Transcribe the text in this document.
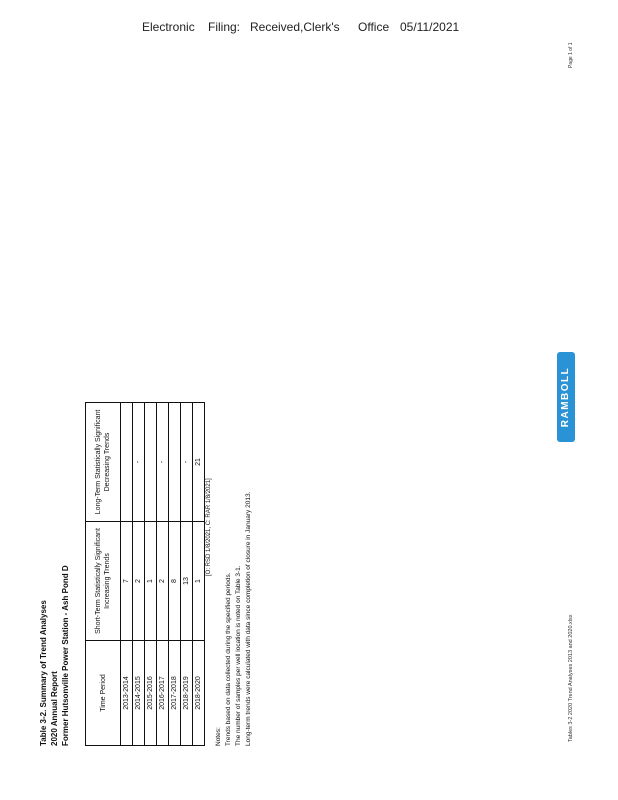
Electronic Filing: Received,Clerk's Office 05/11/2021
Page 1 of 1
RAMBOLL
Tables 3-2 2020 Trend Analyses 2013 and 2020.xlsx
Table 3-2. Summary of Trend Analyses 2020 Annual Report Former Hutsonville Power Station - Ash Pond D	Time Period	Short-Term Statistically Significant Increasing Trends	Long-Term Statistically Significant Decreasing Trends
2013-2014	7	
2014-2015	2	-
2015-2016	1	
2016-2017	2	-
2017-2018	8	
2018-2019	13	-
2018-2020	1	21
[O: RSD 1/8/2021, C: RAR 1/8/2021]
Notes: Trends based on data collected during the specified periods. The number of samples per well location is noted on Table 3-1. Long-term trends were calculated with data since completion of closure in January 2013.
